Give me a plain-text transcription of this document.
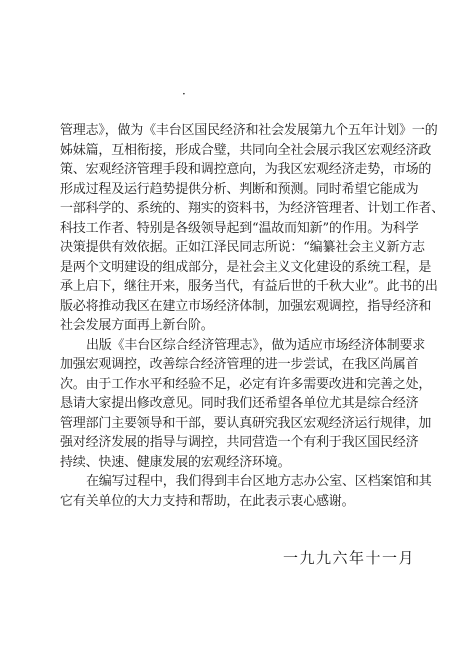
·
管理志》，做为《丰台区国民经济和社会发展第九个五年计划》一的
姊妹篇，互相衔接，形成合璧，共同向全社会展示我区宏观经济政
策、宏观经济管理手段和调控意向，为我区宏观经济走势，市场的
形成过程及运行趋势提供分析、判断和预测。同时希望它能成为
一部科学的、系统的、翔实的资料书，为经济管理者、计划工作者、
科技工作者、特别是各级领导起到“温故而知新”的作用。为科学
决策提供有效依据。正如江泽民同志所说：“编纂社会主义新方志
是两个文明建设的组成部分，是社会主义文化建设的系统工程，是
承上启下，继往开来，服务当代，有益后世的千秋大业”。此书的出
版必将推动我区在建立市场经济体制，加强宏观调控，指导经济和
社会发展方面再上新台阶。
出版《丰台区综合经济管理志》，做为适应市场经济体制要求
加强宏观调控，改善综合经济管理的进一步尝试，在我区尚属首
次。由于工作水平和经验不足，必定有许多需要改进和完善之处，
恳请大家提出修改意见。同时我们还希望各单位尤其是综合经济
管理部门主要领导和干部，要认真研究我区宏观经济运行规律，加
强对经济发展的指导与调控，共同营造一个有利于我区国民经济
持续、快速、健康发展的宏观经济环境。
在编写过程中，我们得到丰台区地方志办公室、区档案馆和其
它有关单位的大力支持和帮助，在此表示衷心感谢。
一九九六年十一月
